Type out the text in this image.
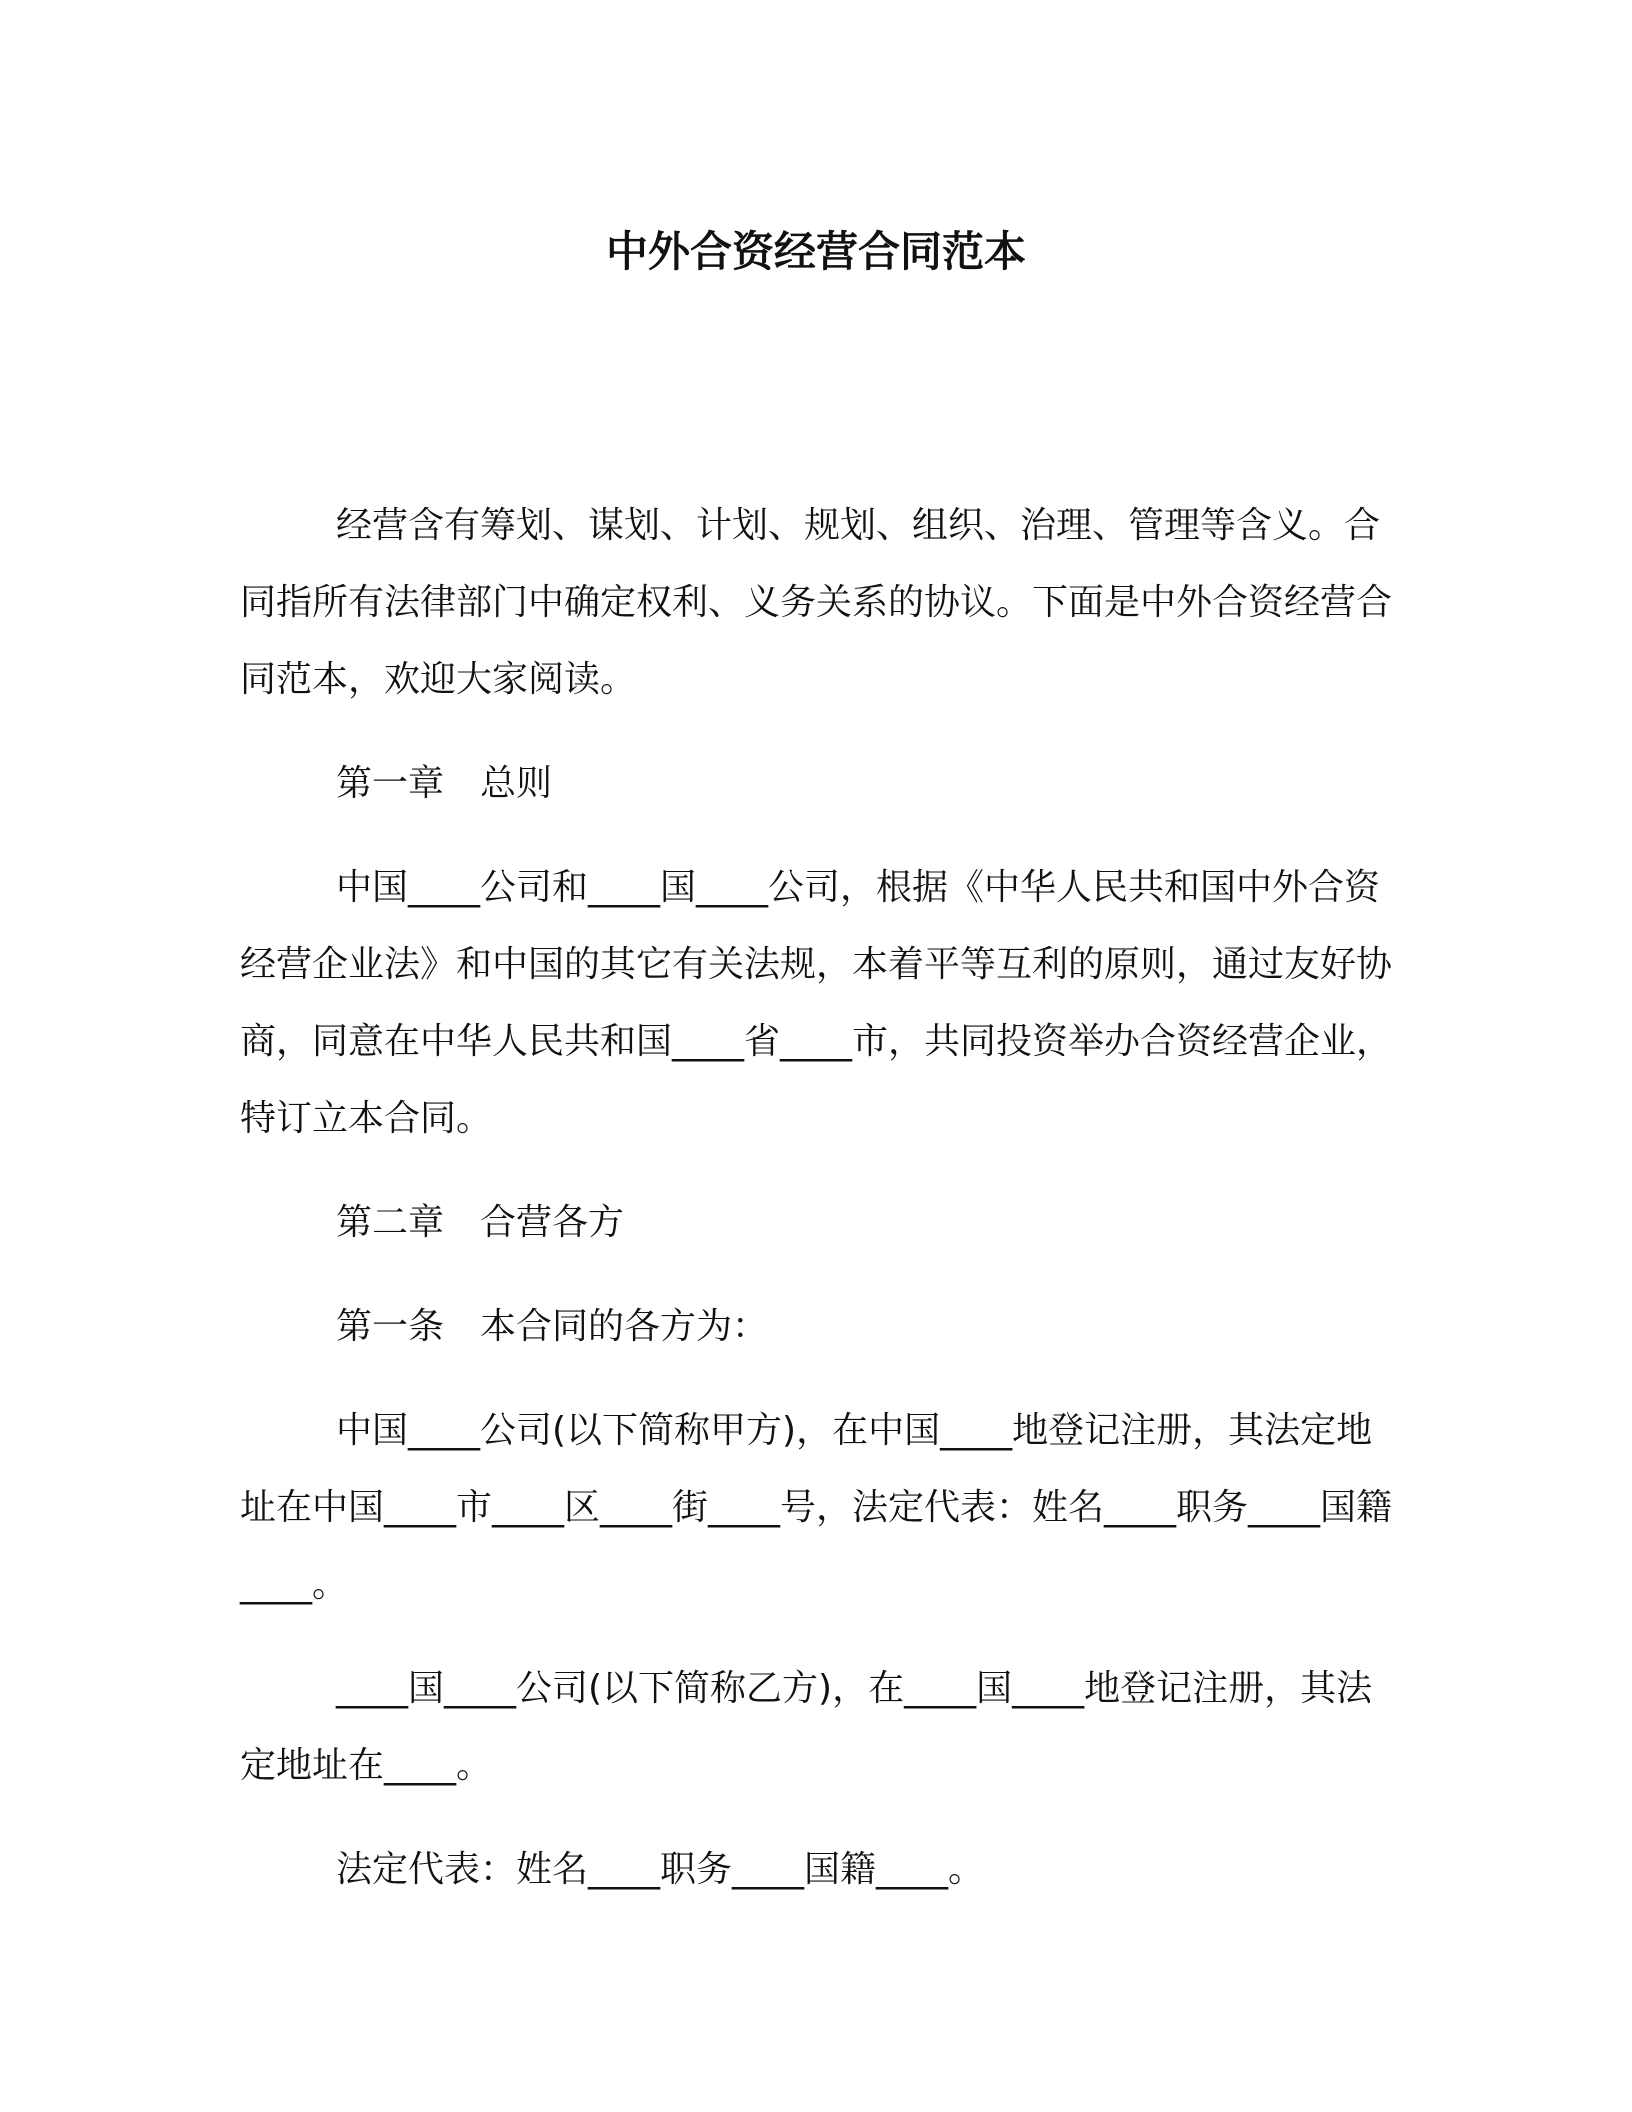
中外合资经营合同范本

经营含有筹划、谋划、计划、规划、组织、治理、管理等含义。合同指所有法律部门中确定权利、义务关系的协议。下面是中外合资经营合同范本，欢迎大家阅读。

第一章　总则

中国____公司和____国____公司，根据《中华人民共和国中外合资经营企业法》和中国的其它有关法规，本着平等互利的原则，通过友好协商，同意在中华人民共和国____省____市，共同投资举办合资经营企业，特订立本合同。

第二章　合营各方

第一条　本合同的各方为：

中国____公司(以下简称甲方)，在中国____地登记注册，其法定地址在中国____市____区____街____号，法定代表：姓名____职务____国籍____。

____国____公司(以下简称乙方)，在____国____地登记注册，其法定地址在____。

法定代表：姓名____职务____国籍____。
